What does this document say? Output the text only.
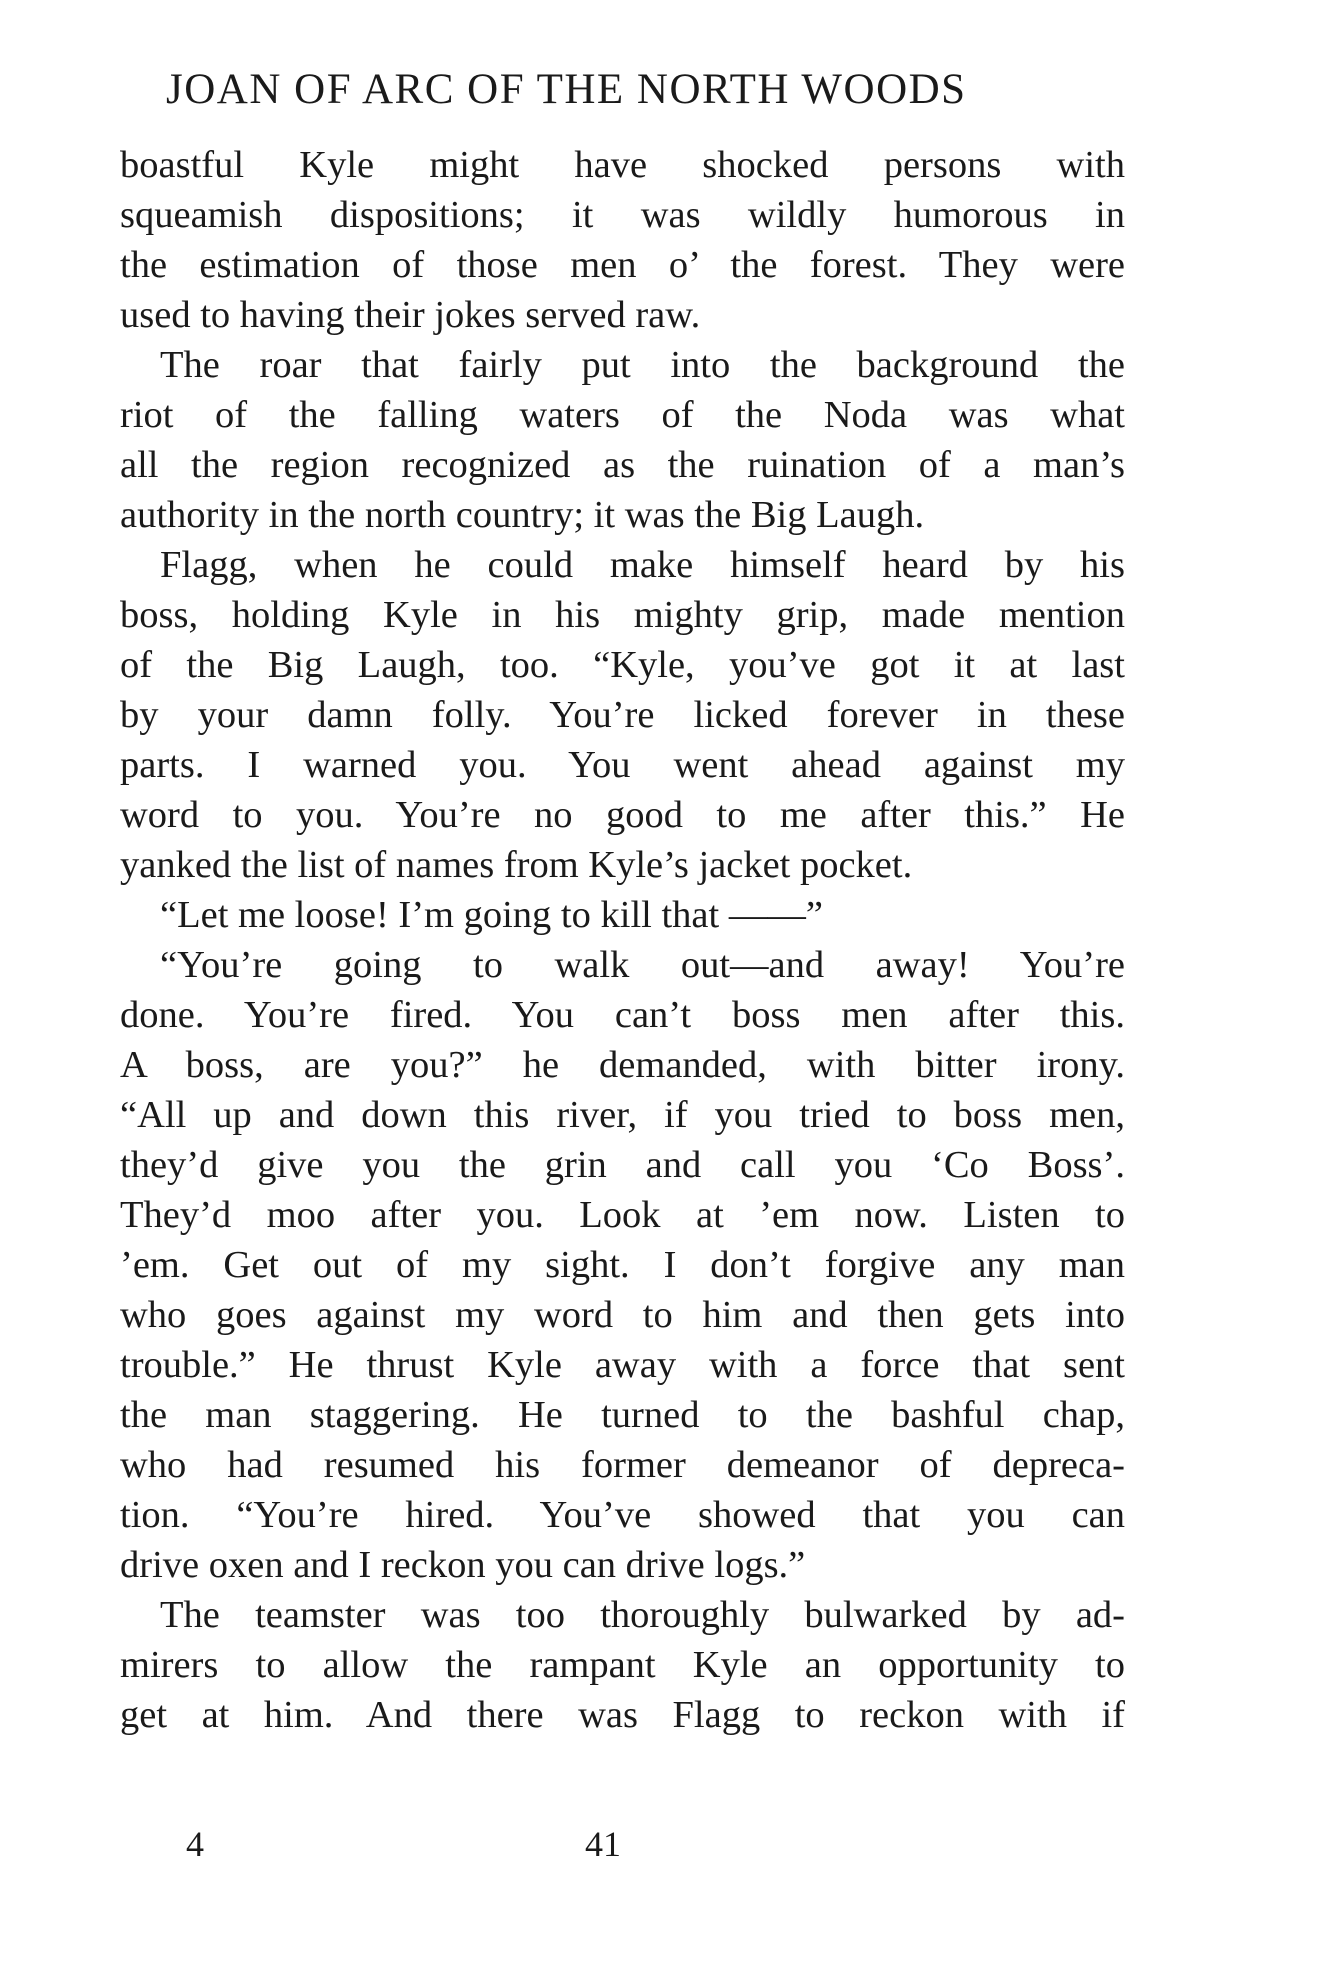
JOAN OF ARC OF THE NORTH WOODS
boastful Kyle might have shocked persons with
squeamish dispositions; it was wildly humorous in
the estimation of those men o’ the forest. They were
used to having their jokes served raw.
The roar that fairly put into the background the
riot of the falling waters of the Noda was what
all the region recognized as the ruination of a man’s
authority in the north country; it was the Big Laugh.
Flagg, when he could make himself heard by his
boss, holding Kyle in his mighty grip, made mention
of the Big Laugh, too. “Kyle, you’ve got it at last
by your damn folly. You’re licked forever in these
parts. I warned you. You went ahead against my
word to you. You’re no good to me after this.” He
yanked the list of names from Kyle’s jacket pocket.
“Let me loose! I’m going to kill that ——”
“You’re going to walk out—and away! You’re
done. You’re fired. You can’t boss men after this.
A boss, are you?” he demanded, with bitter irony.
“All up and down this river, if you tried to boss men,
they’d give you the grin and call you ‘Co Boss’.
They’d moo after you. Look at ’em now. Listen to
’em. Get out of my sight. I don’t forgive any man
who goes against my word to him and then gets into
trouble.” He thrust Kyle away with a force that sent
the man staggering. He turned to the bashful chap,
who had resumed his former demeanor of depreca-
tion. “You’re hired. You’ve showed that you can
drive oxen and I reckon you can drive logs.”
The teamster was too thoroughly bulwarked by ad-
mirers to allow the rampant Kyle an opportunity to
get at him. And there was Flagg to reckon with if
4	41
